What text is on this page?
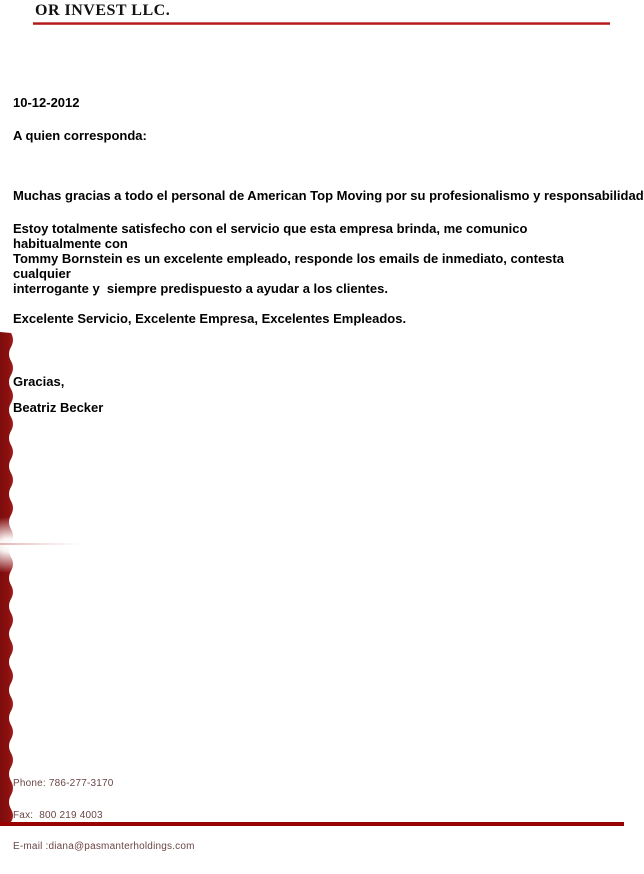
OR INVEST LLC.
10-12-2012
A quien corresponda:
Muchas gracias a todo el personal de American Top Moving por su profesionalismo y responsabilidad
Estoy totalmente satisfecho con el servicio que esta empresa brinda, me comunico  habitualmente con
Tommy Bornstein es un excelente empleado, responde los emails de inmediato, contesta cualquier
interrogante y  siempre predispuesto a ayudar a los clientes.
Excelente Servicio, Excelente Empresa, Excelentes Empleados.
Gracias,
Beatriz Becker

Phone: 786-277-3170

Fax:  800 219 4003

E-mail :diana@pasmanterholdings.com
